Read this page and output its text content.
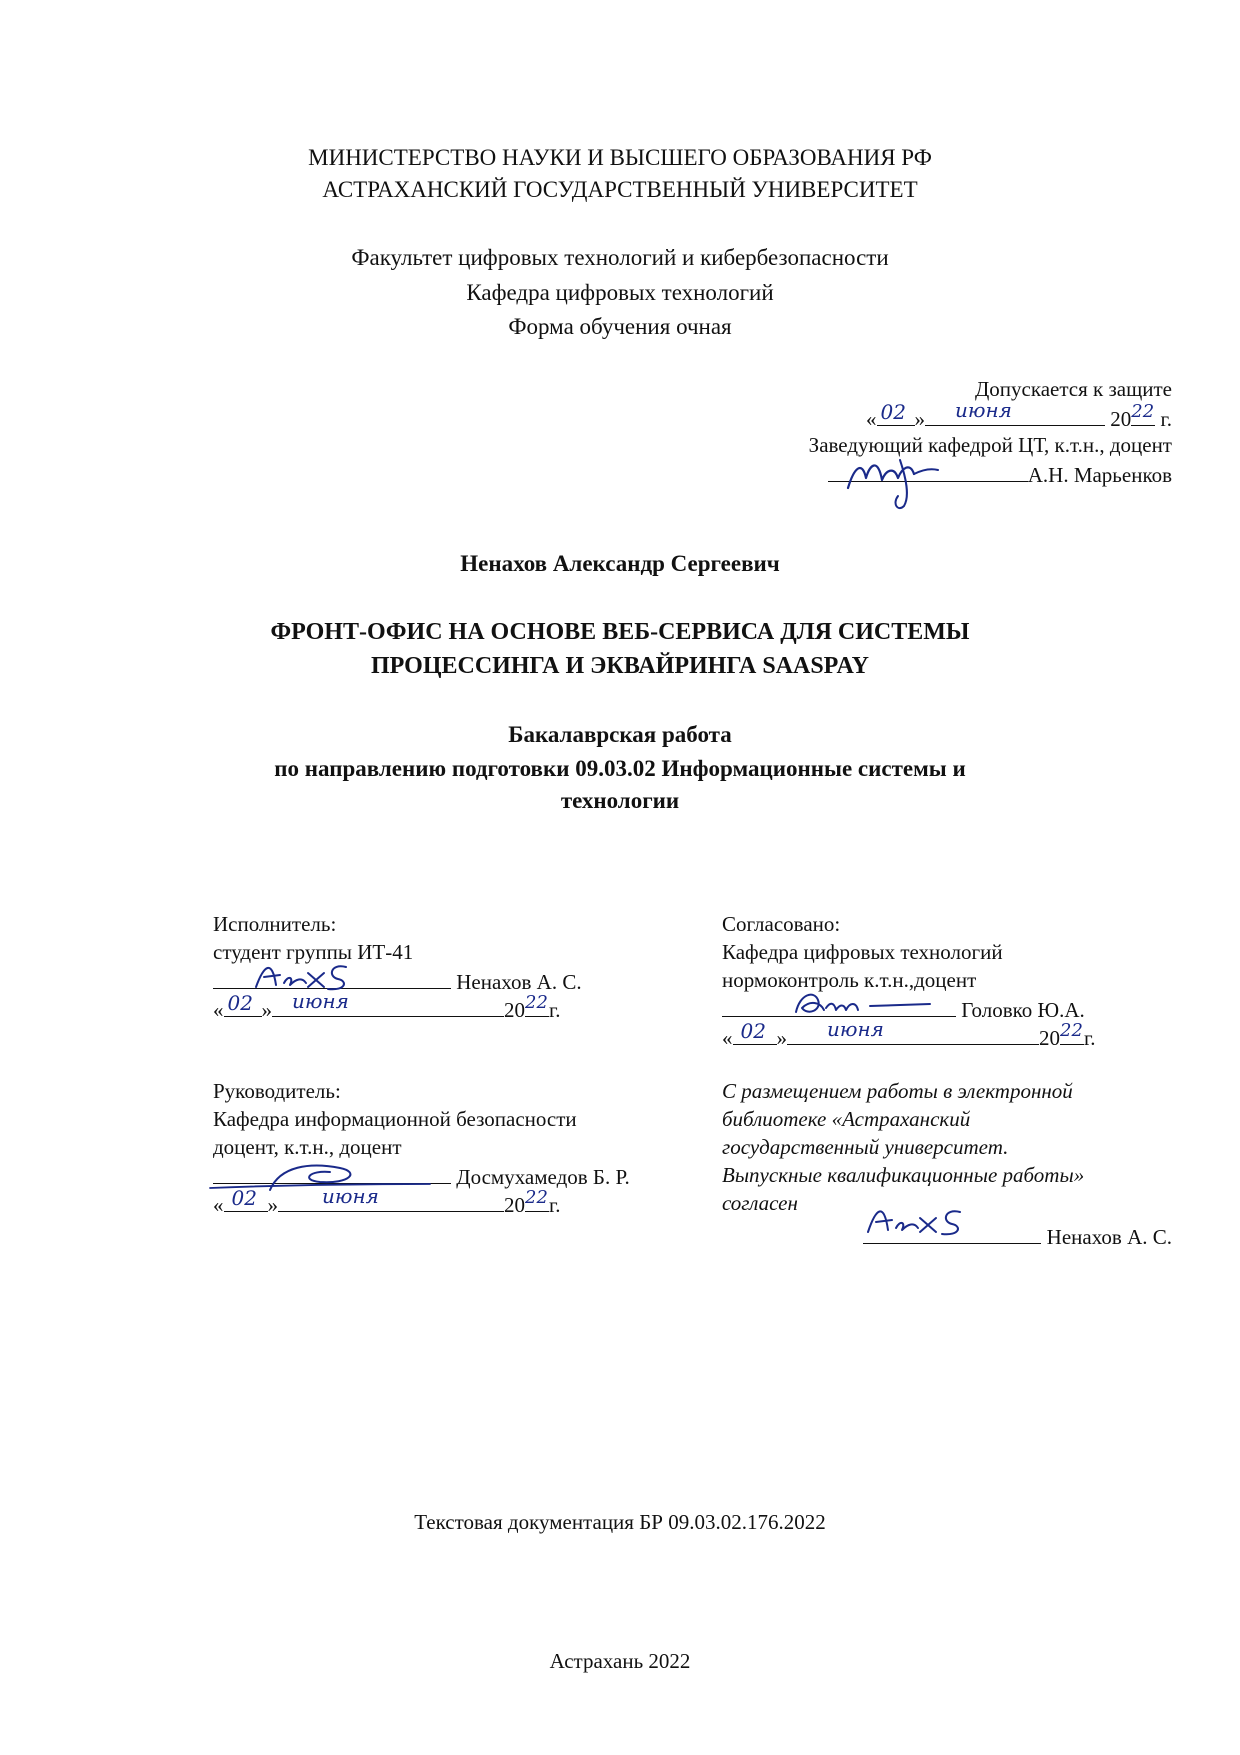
МИНИСТЕРСТВО НАУКИ И ВЫСШЕГО ОБРАЗОВАНИЯ РФ
АСТРАХАНСКИЙ ГОСУДАРСТВЕННЫЙ УНИВЕРСИТЕТ
Факультет цифровых технологий и кибербезопасности
Кафедра цифровых технологий
Форма обучения очная
Допускается к защите
« 02 » июня	20 22 г.
Заведующий кафедрой ЦТ, к.т.н., доцент
А.Н. Марьенков
Ненахов Александр Сергеевич
ФРОНТ-ОФИС НА ОСНОВЕ ВЕБ-СЕРВИСА ДЛЯ СИСТЕМЫ
ПРОЦЕССИНГА И ЭКВАЙРИНГА SAASPAY
Бакалаврская работа
по направлению подготовки 09.03.02 Информационные системы и
технологии
Исполнитель:
студент группы ИТ-41
Ненахов А. С.
« 02 » июня	20 22 г.
Согласовано:
Кафедра цифровых технологий
нормоконтроль к.т.н.,доцент
Головко Ю.А.
« 02 » июня	20 22 г.
Руководитель:
Кафедра информационной безопасности
доцент, к.т.н., доцент
Досмухамедов Б. Р.
« 02 » июня	20 22 г.
С размещением работы в электронной
библиотеке «Астраханский
государственный университет.
Выпускные квалификационные работы»
согласен
Ненахов А. С.
Текстовая документация БР 09.03.02.176.2022
Астрахань 2022
